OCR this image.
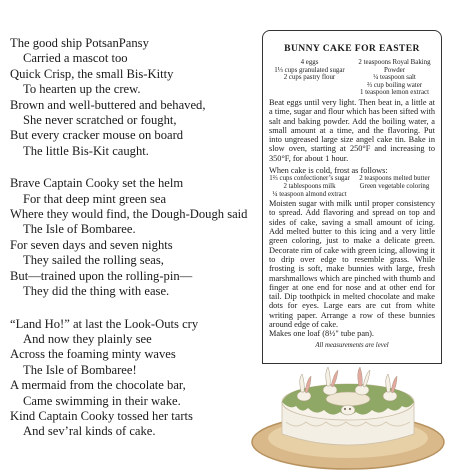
The good ship PotsanPansy
Carried a mascot too
Quick Crisp, the small Bis-Kitty
To hearten up the crew.
Brown and well-buttered and behaved,
She never scratched or fought,
But every cracker mouse on board
The little Bis-Kit caught.
Brave Captain Cooky set the helm
For that deep mint green sea
Where they would find, the Dough-Dough said
The Isle of Bombaree.
For seven days and seven nights
They sailed the rolling seas,
But—trained upon the rolling-pin—
They did the thing with ease.
“Land Ho!” at last the Look-Outs cry
And now they plainly see
Across the foaming minty waves
The Isle of Bombaree!
A mermaid from the chocolate bar,
Came swimming in their wake.
Kind Captain Cooky tossed her tarts
And sev’ral kinds of cake.
BUNNY CAKE FOR EASTER
4 eggs
1⅓ cups granulated sugar
2 cups pastry flour
2 teaspoons Royal Baking Powder
¼ teaspoon salt
⅔ cup boiling water
1 teaspoon lemon extract

Beat eggs until very light. Then beat in, a little at a time, sugar and flour which has been sifted with salt and baking powder. Add the boiling water, a small amount at a time, and the flavoring. Put into ungreased large size angel cake tin. Bake in slow oven, starting at 250°F and increasing to 350°F, for about 1 hour.

When cake is cold, frost as follows:

1⅔ cups confectioner’s sugar
2 tablespoons milk
¼ teaspoon almond extract
2 teaspoons melted butter
Green vegetable coloring

Moisten sugar with milk until proper consistency to spread. Add flavoring and spread on top and sides of cake, saving a small amount of icing. Add melted butter to this icing and a very little green coloring, just to make a delicate green. Decorate rim of cake with green icing, allowing it to drip over edge to resemble grass. While frosting is soft, make bunnies with large, fresh marshmallows which are pinched with thumb and finger at one end for nose and at other end for tail. Dip toothpick in melted chocolate and make dots for eyes. Large ears are cut from white writing paper. Arrange a row of these bunnies around edge of cake.

Makes one loaf (8½" tube pan).

All measurements are level
